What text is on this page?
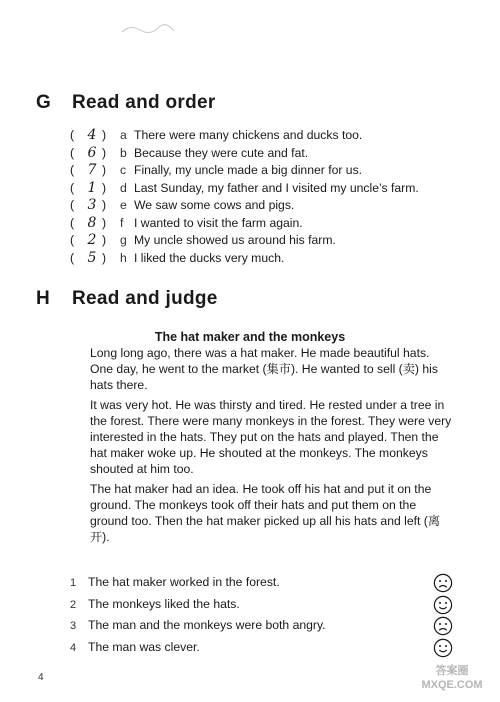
G Read and order
( 4 ) a There were many chickens and ducks too.
( 6 ) b Because they were cute and fat.
( 7 ) c Finally, my uncle made a big dinner for us.
( 1 ) d Last Sunday, my father and I visited my uncle’s farm.
( 3 ) e We saw some cows and pigs.
( 8 ) f I wanted to visit the farm again.
( 2 ) g My uncle showed us around his farm.
( 5 ) h I liked the ducks very much.
H Read and judge
The hat maker and the monkeys

Long long ago, there was a hat maker. He made beautiful hats. One day, he went to the market (集市). He wanted to sell (卖) his hats there.

It was very hot. He was thirsty and tired. He rested under a tree in the forest. There were many monkeys in the forest. They were very interested in the hats. They put on the hats and played. Then the hat maker woke up. He shouted at the monkeys. The monkeys shouted at him too.

The hat maker had an idea. He took off his hat and put it on the ground. The monkeys took off their hats and put them on the ground too. Then the hat maker picked up all his hats and left (离开).

1 The hat maker worked in the forest.
2 The monkeys liked the hats.
3 The man and the monkeys were both angry.
4 The man was clever.
4
答案圈
MXQE.COM
